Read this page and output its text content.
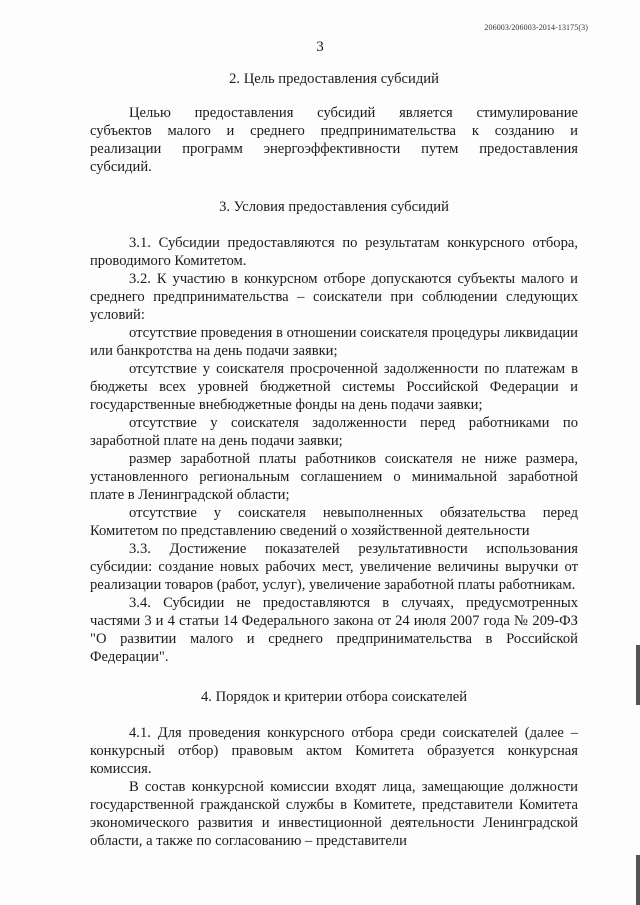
206003/206003-2014-13175(3)
3
2. Цель предоставления субсидий

Целью предоставления субсидий является стимулирование субъектов малого и среднего предпринимательства к созданию и реализации программ энергоэффективности путем предоставления субсидий.

3. Условия предоставления субсидий

3.1. Субсидии предоставляются по результатам конкурсного отбора, проводимого Комитетом.

3.2. К участию в конкурсном отборе допускаются субъекты малого и среднего предпринимательства – соискатели при соблюдении следующих условий:

отсутствие проведения в отношении соискателя процедуры ликвидации или банкротства на день подачи заявки;

отсутствие у соискателя просроченной задолженности по платежам в бюджеты всех уровней бюджетной системы Российской Федерации и государственные внебюджетные фонды на день подачи заявки;

отсутствие у соискателя задолженности перед работниками по заработной плате на день подачи заявки;

размер заработной платы работников соискателя не ниже размера, установленного региональным соглашением о минимальной заработной плате в Ленинградской области;

отсутствие у соискателя невыполненных обязательства перед Комитетом по представлению сведений о хозяйственной деятельности

3.3. Достижение показателей результативности использования субсидии: создание новых рабочих мест, увеличение величины выручки от реализации товаров (работ, услуг), увеличение заработной платы работникам.

3.4. Субсидии не предоставляются в случаях, предусмотренных частями 3 и 4 статьи 14 Федерального закона от 24 июля 2007 года № 209-ФЗ "О развитии малого и среднего предпринимательства в Российской Федерации".

4. Порядок и критерии отбора соискателей

4.1. Для проведения конкурсного отбора среди соискателей (далее – конкурсный отбор) правовым актом Комитета образуется конкурсная комиссия.

В состав конкурсной комиссии входят лица, замещающие должности государственной гражданской службы в Комитете, представители Комитета экономического развития и инвестиционной деятельности Ленинградской области, а также по согласованию – представители
